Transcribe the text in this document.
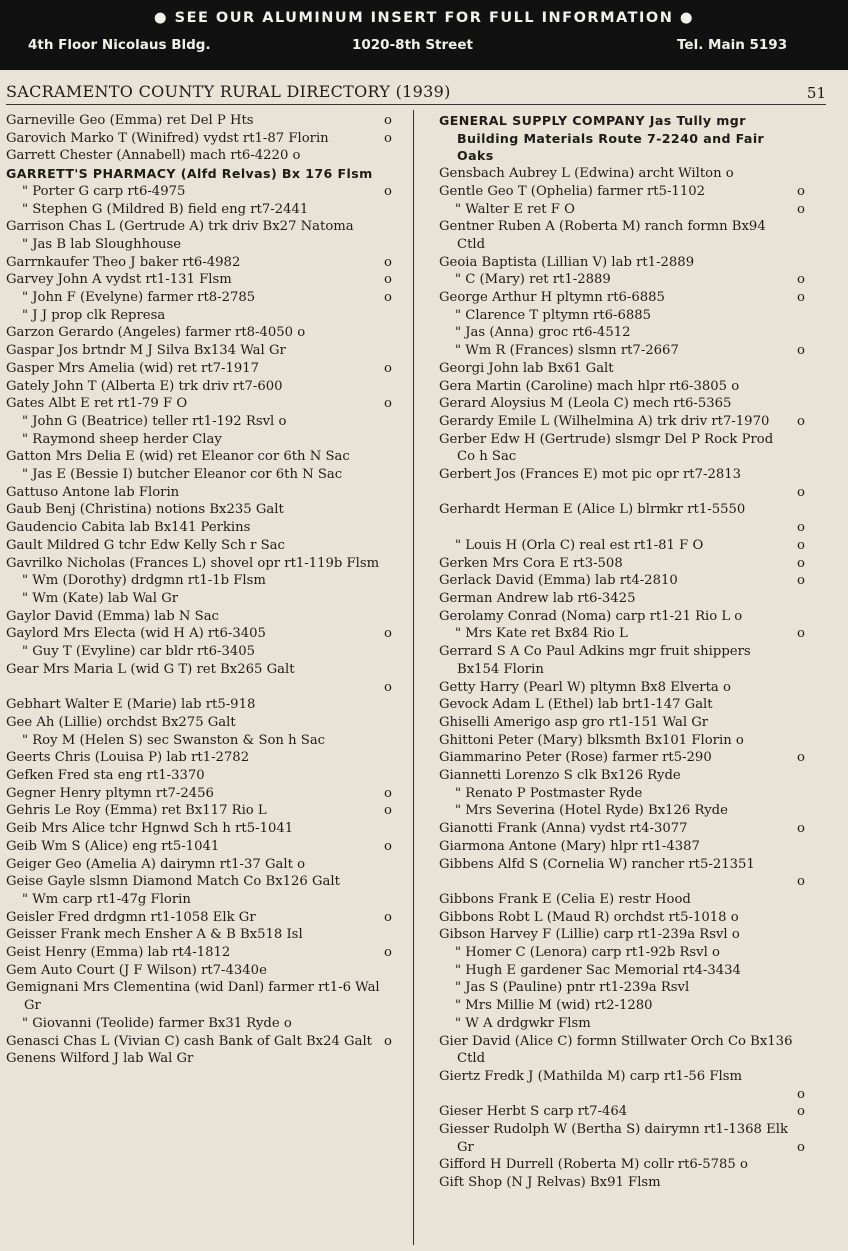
● SEE OUR ALUMINUM INSERT FOR FULL INFORMATION ●
4th Floor Nicolaus Bldg.	1020-8th Street	Tel. Main 5193
SACRAMENTO COUNTY RURAL DIRECTORY (1939)	51
Garneville Geo (Emma) ret Del P Hts	o
Garovich Marko T (Winifred) vydst rt1-87 Florin	o
Garrett Chester (Annabell) mach rt6-4220 o
GARRETT'S PHARMACY (Alfd Relvas) Bx 176 Flsm
" Porter G carp rt6-4975	o
" Stephen G (Mildred B) field eng rt7-2441
Garrison Chas L (Gertrude A) trk driv Bx27 Natoma
" Jas B lab Sloughhouse
Garrnkaufer Theo J baker rt6-4982	o
Garvey John A vydst rt1-131 Flsm	o
" John F (Evelyne) farmer rt8-2785	o
" J J prop clk Represa
Garzon Gerardo (Angeles) farmer rt8-4050 o
Gaspar Jos brtndr M J Silva Bx134 Wal Gr
Gasper Mrs Amelia (wid) ret rt7-1917	o
Gately John T (Alberta E) trk driv rt7-600
Gates Albt E ret rt1-79 F O	o
" John G (Beatrice) teller rt1-192 Rsvl o
" Raymond sheep herder Clay
Gatton Mrs Delia E (wid) ret Eleanor cor 6th N Sac
" Jas E (Bessie I) butcher Eleanor cor 6th N Sac
Gattuso Antone lab Florin
Gaub Benj (Christina) notions Bx235 Galt
Gaudencio Cabita lab Bx141 Perkins
Gault Mildred G tchr Edw Kelly Sch r Sac
Gavrilko Nicholas (Frances L) shovel opr rt1-119b Flsm
" Wm (Dorothy) drdgmn rt1-1b Flsm
" Wm (Kate) lab Wal Gr
Gaylor David (Emma) lab N Sac
Gaylord Mrs Electa (wid H A) rt6-3405	o
" Guy T (Evyline) car bldr rt6-3405
Gear Mrs Maria L (wid G T) ret Bx265 Galt

o
Gebhart Walter E (Marie) lab rt5-918
Gee Ah (Lillie) orchdst Bx275 Galt
" Roy M (Helen S) sec Swanston & Son h Sac
Geerts Chris (Louisa P) lab rt1-2782
Gefken Fred sta eng rt1-3370
Gegner Henry pltymn rt7-2456	o
Gehris Le Roy (Emma) ret Bx117 Rio L	o
Geib Mrs Alice tchr Hgnwd Sch h rt5-1041
Geib Wm S (Alice) eng rt5-1041	o
Geiger Geo (Amelia A) dairymn rt1-37 Galt o
Geise Gayle slsmn Diamond Match Co Bx126 Galt
" Wm carp rt1-47g Florin
Geisler Fred drdgmn rt1-1058 Elk Gr	o
Geisser Frank mech Ensher A & B Bx518 Isl
Geist Henry (Emma) lab rt4-1812	o
Gem Auto Court (J F Wilson) rt7-4340e
Gemignani Mrs Clementina (wid Danl) farmer rt1-6 Wal Gr
" Giovanni (Teolide) farmer Bx31 Ryde o
Genasci Chas L (Vivian C) cash Bank of Galt Bx24 Galt o
Genens Wilford J lab Wal Gr
GENERAL SUPPLY COMPANY Jas Tully mgr Building Materials Route 7-2240 and Fair Oaks
Gensbach Aubrey L (Edwina) archt Wilton o
Gentle Geo T (Ophelia) farmer rt5-1102	o
" Walter E ret F O	o
Gentner Ruben A (Roberta M) ranch formn Bx94 Ctld
Geoia Baptista (Lillian V) lab rt1-2889
" C (Mary) ret rt1-2889	o
George Arthur H pltymn rt6-6885	o
" Clarence T pltymn rt6-6885
" Jas (Anna) groc rt6-4512
" Wm R (Frances) slsmn rt7-2667	o
Georgi John lab Bx61 Galt
Gera Martin (Caroline) mach hlpr rt6-3805 o
Gerard Aloysius M (Leola C) mech rt6-5365
Gerardy Emile L (Wilhelmina A) trk driv rt7-1970 o
Gerber Edw H (Gertrude) slsmgr Del P Rock Prod Co h Sac
Gerbert Jos (Frances E) mot pic opr rt7-2813

o
Gerhardt Herman E (Alice L) blrmkr rt1-5550

o
" Louis H (Orla C) real est rt1-81 F O	o
Gerken Mrs Cora E rt3-508	o
Gerlack David (Emma) lab rt4-2810	o
German Andrew lab rt6-3425
Gerolamy Conrad (Noma) carp rt1-21 Rio L o
" Mrs Kate ret Bx84 Rio L	o
Gerrard S A Co Paul Adkins mgr fruit shippers Bx154 Florin
Getty Harry (Pearl W) pltymn Bx8 Elverta o
Gevock Adam L (Ethel) lab brt1-147 Galt
Ghiselli Amerigo asp gro rt1-151 Wal Gr
Ghittoni Peter (Mary) blksmth Bx101 Florin o
Giammarino Peter (Rose) farmer rt5-290	o
Giannetti Lorenzo S clk Bx126 Ryde
" Renato P Postmaster Ryde
" Mrs Severina (Hotel Ryde) Bx126 Ryde
Gianotti Frank (Anna) vydst rt4-3077	o
Giarmona Antone (Mary) hlpr rt1-4387
Gibbens Alfd S (Cornelia W) rancher rt5-21351

o
Gibbons Frank E (Celia E) restr Hood
Gibbons Robt L (Maud R) orchdst rt5-1018 o
Gibson Harvey F (Lillie) carp rt1-239a Rsvl o
" Homer C (Lenora) carp rt1-92b Rsvl o
" Hugh E gardener Sac Memorial rt4-3434
" Jas S (Pauline) pntr rt1-239a Rsvl
" Mrs Millie M (wid) rt2-1280
" W A drdgwkr Flsm
Gier David (Alice C) formn Stillwater Orch Co Bx136 Ctld
Giertz Fredk J (Mathilda M) carp rt1-56 Flsm

o
Gieser Herbt S carp rt7-464	o
Giesser Rudolph W (Bertha S) dairymn rt1-1368 Elk Gr	o
Gifford H Durrell (Roberta M) collr rt6-5785 o
Gift Shop (N J Relvas) Bx91 Flsm
